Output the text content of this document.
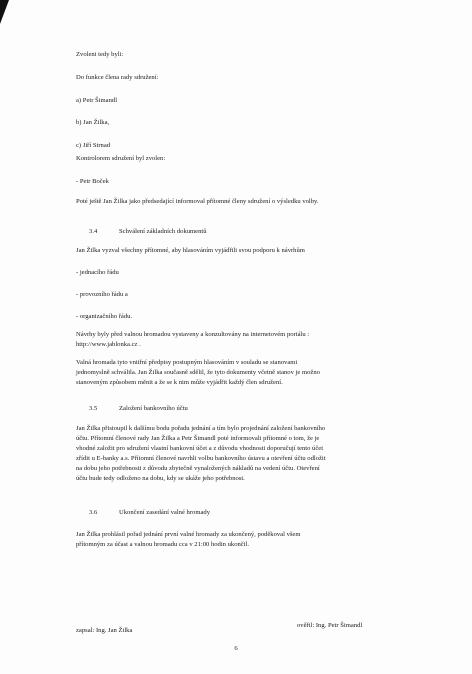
Zvoleni tedy byli:

Do funkce člena rady sdružení:

a) Petr Šimandl

b) Jan Žilka,

c) Jiří Strnad

Kontrolorem sdružení byl zvolen:

- Petr Boček

Poté ještě Jan Žilka jako předsedající informoval přítomné členy sdružení o výsledku volby.

3.4	Schválení základních dokumentů

Jan Žilka vyzval všechny přítomné, aby hlasováním vyjádřili svou podporu k návrhům

- jednacího řádu

- provozního řádu a

- organizačního řádu.

Návrhy byly před valnou hromadou vystaveny a konzultovány na internetovém portálu :
http://www.jablonka.cz .
Valná hromada tyto vnitřní předpisy postupným hlasováním v souladu se stanovami
jednomyslně schválila. Jan Žilka současně sdělil, že tyto dokumenty včetně stanov je možno
stanoveným způsobem měnit a že se k nim může vyjádřit každý člen sdružení.

3.5	Založení bankovního účtu

Jan Žilka přistoupil k dalšímu bodu pořadu jednání a tím bylo projednání založení bankovního
účtu. Přítomní členové rady Jan Žilka a Petr Šimandl poté informovali přítomné o tom, že je
vhodné založit pro sdružení vlastní bankovní účet a z důvodu vhodnosti doporučují tento účet
zřídit u E-banky a.s. Přítomní členové navrhli volbu bankovního ústavu a otevření účtu odložit
na dobu jeho potřebnosti z důvodu zbytečně vynaložených nákladů na vedení účtu. Otevření
účtu bude tedy odloženo na dobu, kdy se ukáže jeho potřebnost.

3.6	Ukončení zasedání valné hromady

Jan Žilka prohlásil pořad jednání první valné hromady za ukončený, poděkoval všem
přítomným za účast a valnou hromadu cca v 21:00 hodin ukončil.

zapsal: Ing. Jan Žilka

ověřil: Ing. Petr Šimandl

6
